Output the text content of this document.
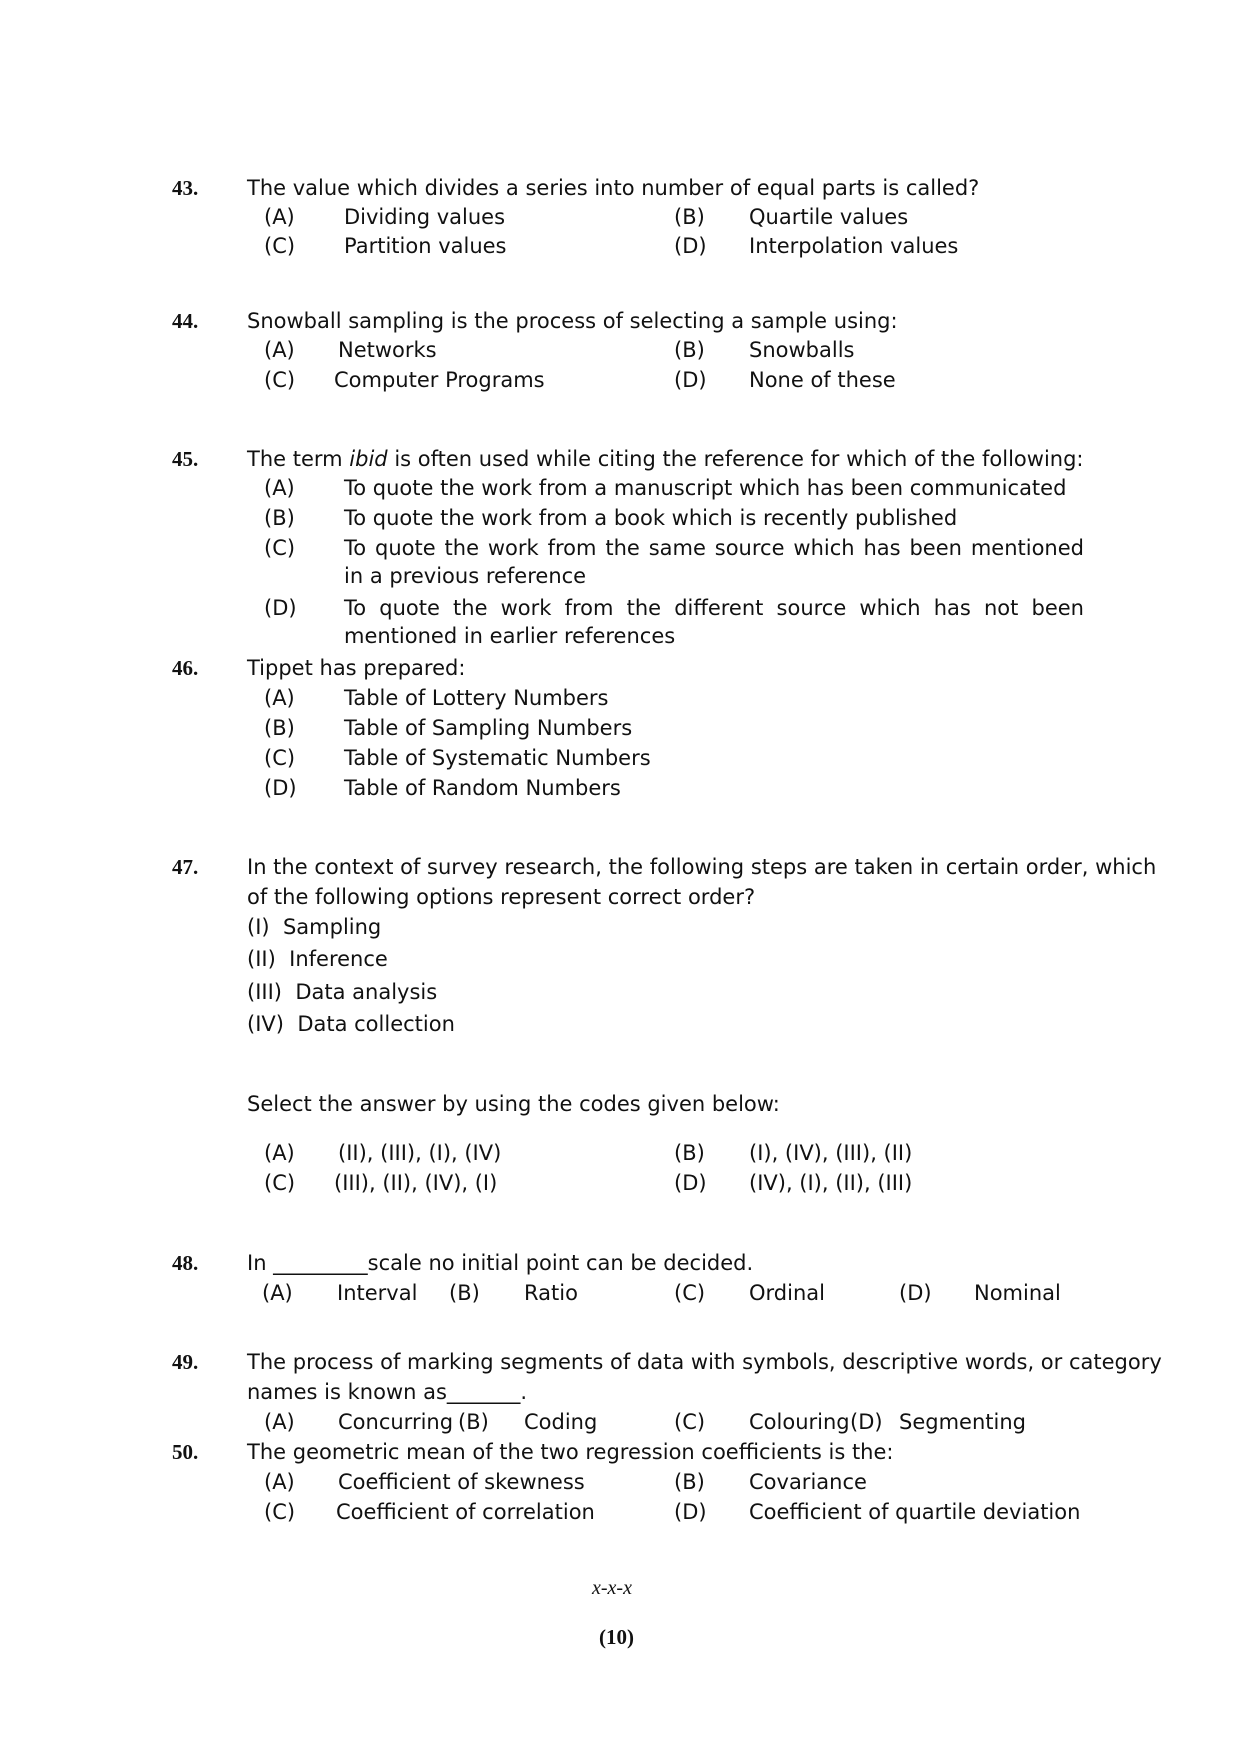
43. The value which divides a series into number of equal parts is called?
(A) Dividing values	(B) Quartile values
(C) Partition values	(D) Interpolation values
44. Snowball sampling is the process of selecting a sample using:
(A) Networks	(B) Snowballs
(C) Computer Programs	(D) None of these
45. The term ibid is often used while citing the reference for which of the following:
(A) To quote the work from a manuscript which has been communicated
(B) To quote the work from a book which is recently published
(C) To quote the work from the same source which has been mentioned in a previous reference
(D) To quote the work from the different source which has not been mentioned in earlier references
46. Tippet has prepared:
(A) Table of Lottery Numbers
(B) Table of Sampling Numbers
(C) Table of Systematic Numbers
(D) Table of Random Numbers
47. In the context of survey research, the following steps are taken in certain order, which
of the following options represent correct order?
(I) Sampling
(II) Inference
(III) Data analysis
(IV) Data collection
Select the answer by using the codes given below:
(A) (II), (III), (I), (IV)	(B) (I), (IV), (III), (II)
(C) (III), (II), (IV), (I)	(D) (IV), (I), (II), (III)
48. In _________scale no initial point can be decided.
(A) Interval (B) Ratio	(C) Ordinal	(D) Nominal
49. The process of marking segments of data with symbols, descriptive words, or category
names is known as_______.
(A) Concurring (B) Coding	(C) Colouring (D) Segmenting
50. The geometric mean of the two regression coefficients is the:
(A) Coefficient of skewness	(B) Covariance
(C) Coefficient of correlation	(D) Coefficient of quartile deviation
x-x-x
(10)
